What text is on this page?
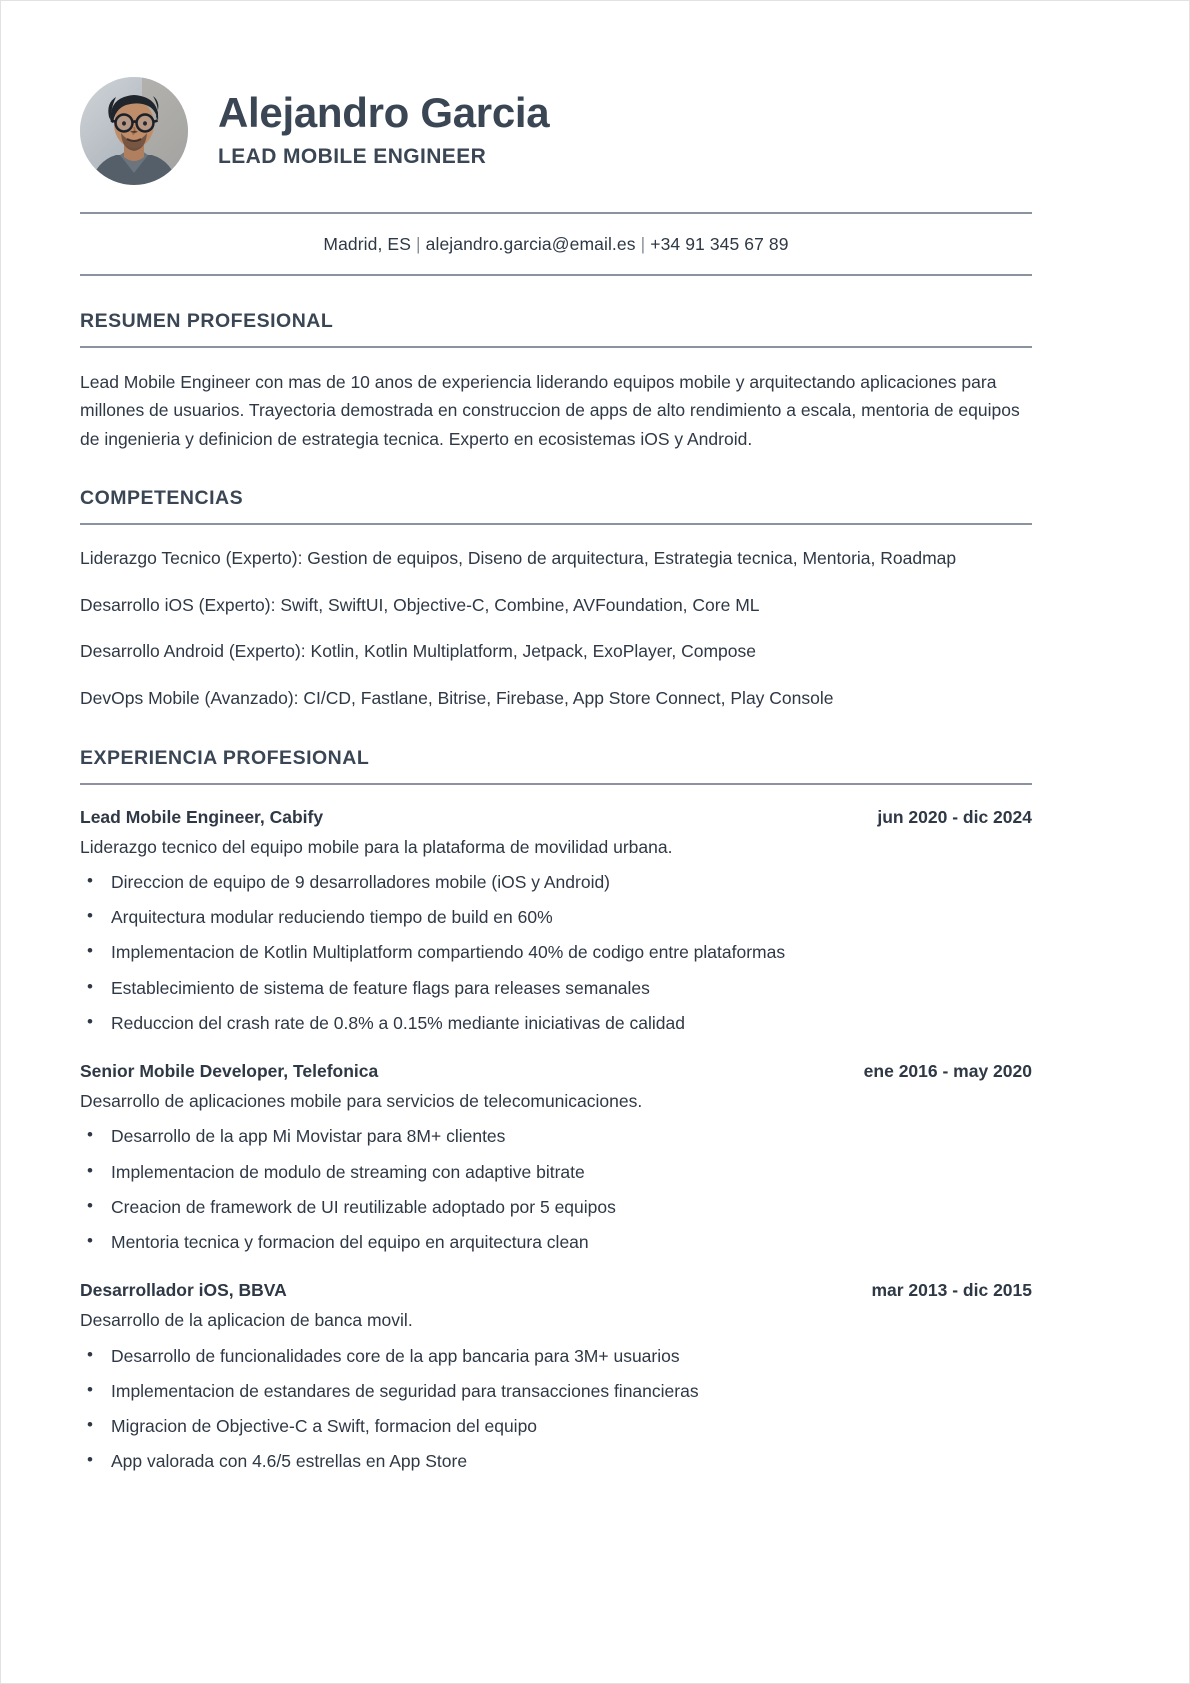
Alejandro Garcia
LEAD MOBILE ENGINEER
Madrid, ES | alejandro.garcia@email.es | +34 91 345 67 89
RESUMEN PROFESIONAL

Lead Mobile Engineer con mas de 10 anos de experiencia liderando equipos mobile y arquitectando aplicaciones para millones de usuarios. Trayectoria demostrada en construccion de apps de alto rendimiento a escala, mentoria de equipos de ingenieria y definicion de estrategia tecnica. Experto en ecosistemas iOS y Android.

COMPETENCIAS

Liderazgo Tecnico (Experto): Gestion de equipos, Diseno de arquitectura, Estrategia tecnica, Mentoria, Roadmap

Desarrollo iOS (Experto): Swift, SwiftUI, Objective-C, Combine, AVFoundation, Core ML

Desarrollo Android (Experto): Kotlin, Kotlin Multiplatform, Jetpack, ExoPlayer, Compose

DevOps Mobile (Avanzado): CI/CD, Fastlane, Bitrise, Firebase, App Store Connect, Play Console

EXPERIENCIA PROFESIONAL
Lead Mobile Engineer, Cabify	jun 2020 - dic 2024
Liderazgo tecnico del equipo mobile para la plataforma de movilidad urbana.
• Direccion de equipo de 9 desarrolladores mobile (iOS y Android)
• Arquitectura modular reduciendo tiempo de build en 60%
• Implementacion de Kotlin Multiplatform compartiendo 40% de codigo entre plataformas
• Establecimiento de sistema de feature flags para releases semanales
• Reduccion del crash rate de 0.8% a 0.15% mediante iniciativas de calidad
Senior Mobile Developer, Telefonica	ene 2016 - may 2020
Desarrollo de aplicaciones mobile para servicios de telecomunicaciones.
• Desarrollo de la app Mi Movistar para 8M+ clientes
• Implementacion de modulo de streaming con adaptive bitrate
• Creacion de framework de UI reutilizable adoptado por 5 equipos
• Mentoria tecnica y formacion del equipo en arquitectura clean
Desarrollador iOS, BBVA	mar 2013 - dic 2015
Desarrollo de la aplicacion de banca movil.
• Desarrollo de funcionalidades core de la app bancaria para 3M+ usuarios
• Implementacion de estandares de seguridad para transacciones financieras
• Migracion de Objective-C a Swift, formacion del equipo
• App valorada con 4.6/5 estrellas en App Store
